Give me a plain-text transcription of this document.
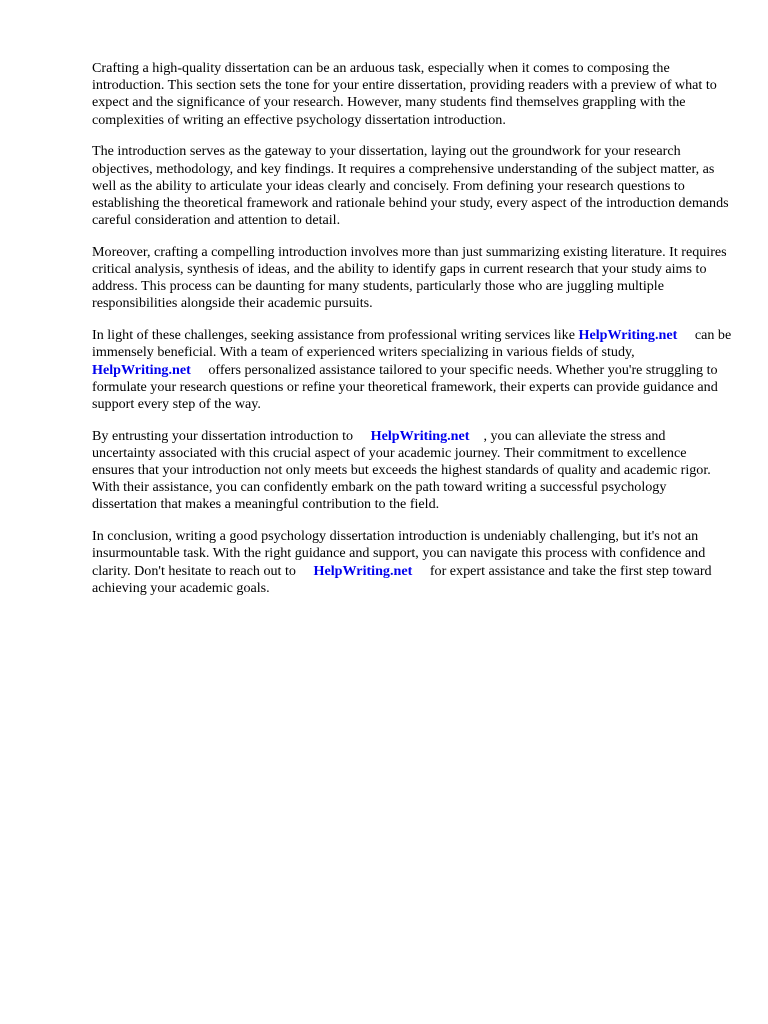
Crafting a high-quality dissertation can be an arduous task, especially when it comes to composing the introduction. This section sets the tone for your entire dissertation, providing readers with a preview of what to expect and the significance of your research. However, many students find themselves grappling with the complexities of writing an effective psychology dissertation introduction.

The introduction serves as the gateway to your dissertation, laying out the groundwork for your research objectives, methodology, and key findings. It requires a comprehensive understanding of the subject matter, as well as the ability to articulate your ideas clearly and concisely. From defining your research questions to establishing the theoretical framework and rationale behind your study, every aspect of the introduction demands careful consideration and attention to detail.

Moreover, crafting a compelling introduction involves more than just summarizing existing literature. It requires critical analysis, synthesis of ideas, and the ability to identify gaps in current research that your study aims to address. This process can be daunting for many students, particularly those who are juggling multiple responsibilities alongside their academic pursuits.

In light of these challenges, seeking assistance from professional writing services like HelpWriting.net can be immensely beneficial. With a team of experienced writers specializing in various fields of study, HelpWriting.net offers personalized assistance tailored to your specific needs. Whether you're struggling to formulate your research questions or refine your theoretical framework, their experts can provide guidance and support every step of the way.

By entrusting your dissertation introduction to HelpWriting.net , you can alleviate the stress and uncertainty associated with this crucial aspect of your academic journey. Their commitment to excellence ensures that your introduction not only meets but exceeds the highest standards of quality and academic rigor. With their assistance, you can confidently embark on the path toward writing a successful psychology dissertation that makes a meaningful contribution to the field.

In conclusion, writing a good psychology dissertation introduction is undeniably challenging, but it's not an insurmountable task. With the right guidance and support, you can navigate this process with confidence and clarity. Don't hesitate to reach out to HelpWriting.net for expert assistance and take the first step toward achieving your academic goals.
